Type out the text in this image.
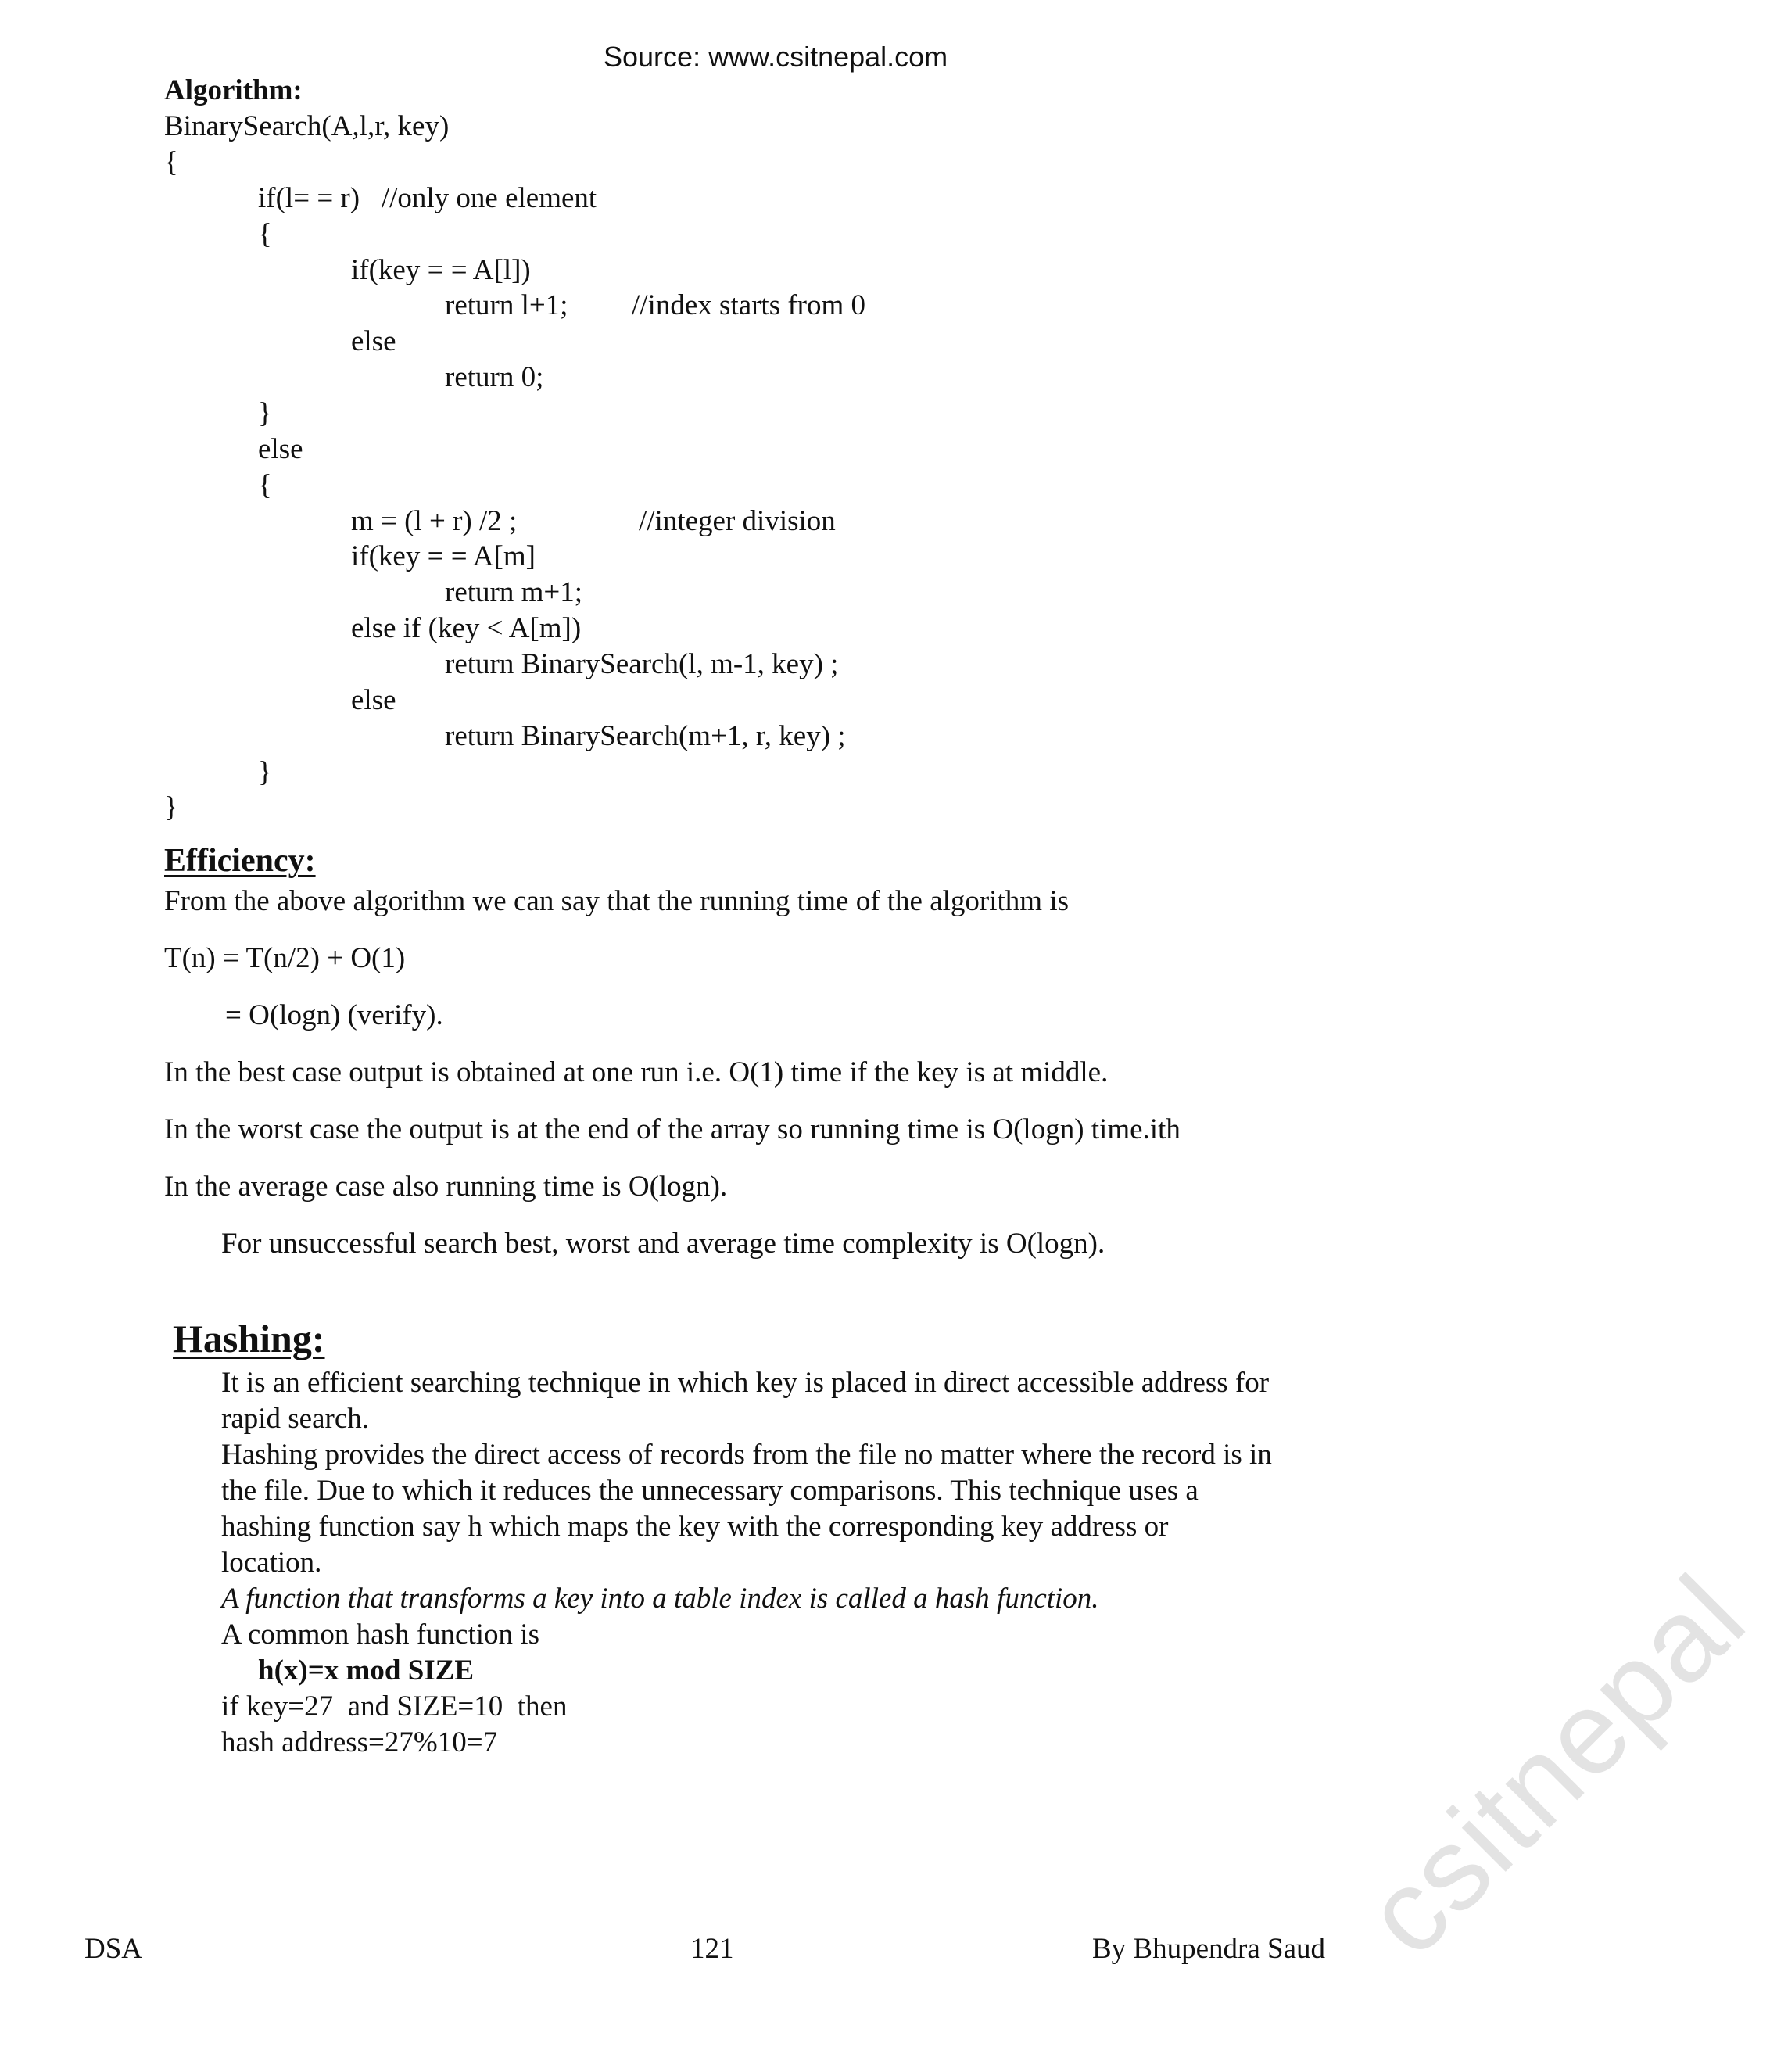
Source: www.csitnepal.com
Algorithm:
BinarySearch(A,l,r, key)
{
if(l= = r)   //only one element
{
if(key = = A[l])
return l+1; //index starts from 0
else
return 0;
}
else
{
m = (l + r) /2 ;	//integer division
if(key = = A[m]
return m+1;
else if (key < A[m])
return BinarySearch(l, m-1, key) ;
else
return BinarySearch(m+1, r, key) ;
}
}
Efficiency:
From the above algorithm we can say that the running time of the algorithm is
T(n) = T(n/2) + O(1)
= O(logn) (verify).
In the best case output is obtained at one run i.e. O(1) time if the key is at middle.
In the worst case the output is at the end of the array so running time is O(logn) time.ith
In the average case also running time is O(logn).
For unsuccessful search best, worst and average time complexity is O(logn).
Hashing:
It is an efficient searching technique in which key is placed in direct accessible address for
rapid search.
Hashing provides the direct access of records from the file no matter where the record is in
the file. Due to which it reduces the unnecessary comparisons. This technique uses a
hashing function say h which maps the key with the corresponding key address or
location.
A function that transforms a key into a table index is called a hash function.
A common hash function is
h(x)=x mod SIZE
if key=27  and SIZE=10  then
hash address=27%10=7	csitnepal
DSA	121	By Bhupendra Saud
